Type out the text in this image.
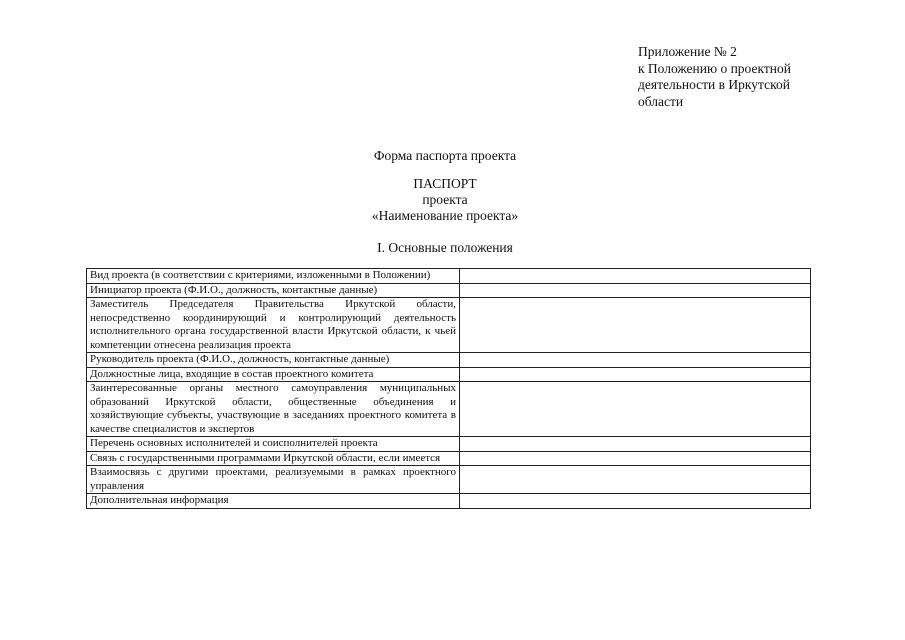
Приложение № 2
к Положению о проектной
деятельности в Иркутской
области
Форма паспорта проекта
ПАСПОРТ
проекта
«Наименование проекта»
I. Основные положения
Вид проекта (в соответствии с критериями, изложенными в Положении)	
Инициатор проекта (Ф.И.О., должность, контактные данные)	
Заместитель Председателя Правительства Иркутской области, непосредственно координирующий и контролирующий деятельность исполнительного органа государственной власти Иркутской области, к чьей компетенции отнесена реализация проекта	
Руководитель проекта (Ф.И.О., должность, контактные данные)	
Должностные лица, входящие в состав проектного комитета	
Заинтересованные органы местного самоуправления муниципальных образований Иркутской области, общественные объединения и хозяйствующие субъекты, участвующие в заседаниях проектного комитета в качестве специалистов и экспертов	
Перечень основных исполнителей и соисполнителей проекта	
Связь с государственными программами Иркутской области, если имеется	
Взаимосвязь с другими проектами, реализуемыми в рамках проектного управления	
Дополнительная информация	
